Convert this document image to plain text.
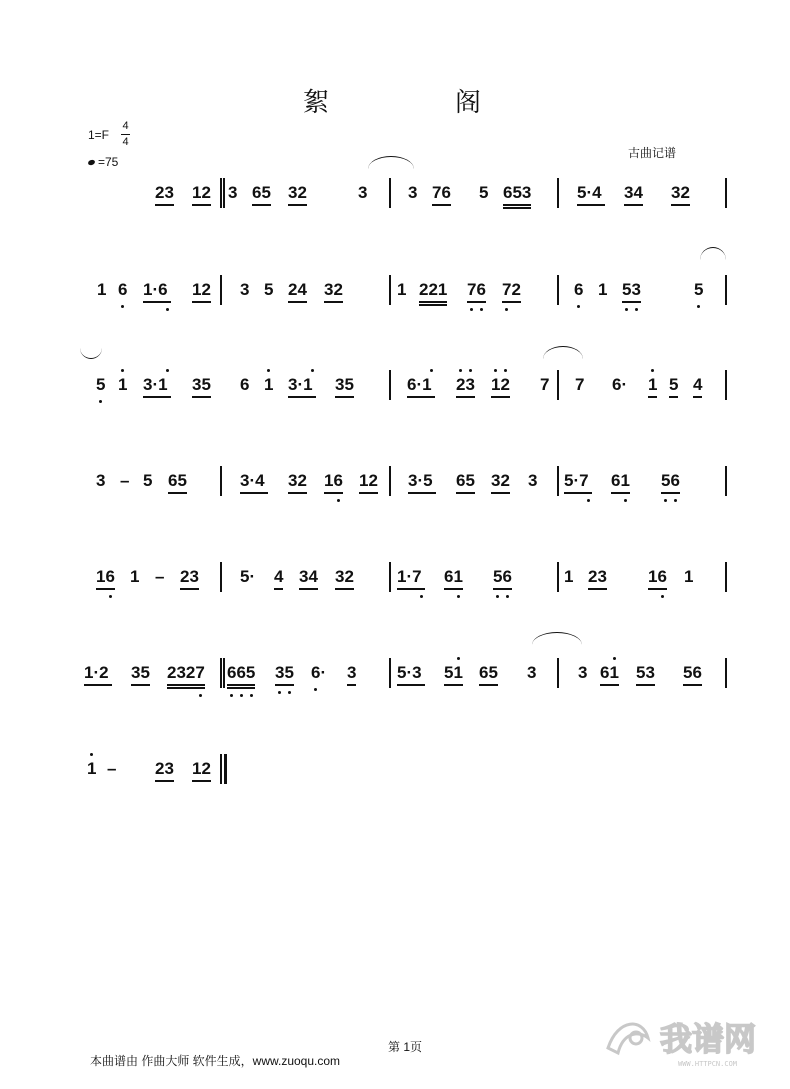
絮	阁
1=F
4
4
=75
古曲记谱
23 12 3 65 32	3 3 76 5 653	5·4 34 32
1 6 1·6 12 3 5 24 32	1 221 76 72	6 1 53	5
5 1 3·1 35 6 1 3·1 35	6·1 23 12 7 7 6· 1 5 4
3 – 5 65	3·4 32 16 12 3·5 65 32 3 5·7 61 56
16 1 – 23 5· 4 34 32	1·7 61 56	1 23 16 1
1·2 35 2327 665 35 6· 3 5·3 51 65 3 3 61 53 56
1 – 23 12
第 1页
本曲谱由 作曲大师 软件生成，www.zuoqu.com
我谱网
WWW.HTTPCN.COM
